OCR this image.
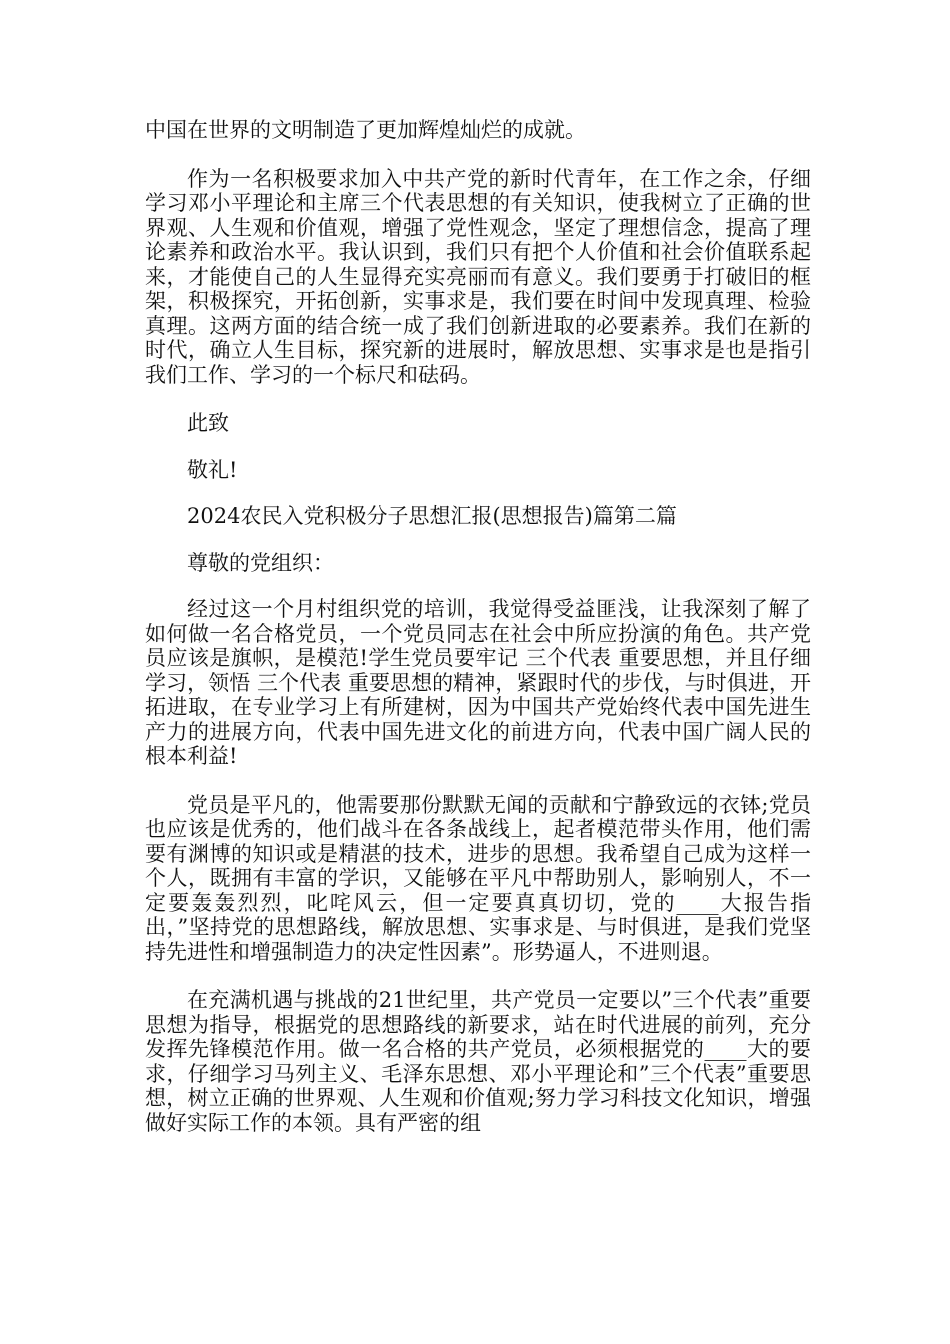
中国在世界的文明制造了更加辉煌灿烂的成就。

作为一名积极要求加入中共产党的新时代青年，在工作之余，仔细学习邓小平理论和主席三个代表思想的有关知识，使我树立了正确的世界观、人生观和价值观，增强了党性观念，坚定了理想信念，提高了理论素养和政治水平。我认识到，我们只有把个人价值和社会价值联系起来，才能使自己的人生显得充实亮丽而有意义。我们要勇于打破旧的框架，积极探究，开拓创新，实事求是，我们要在时间中发现真理、检验真理。这两方面的结合统一成了我们创新进取的必要素养。我们在新的时代，确立人生目标，探究新的进展时，解放思想、实事求是也是指引我们工作、学习的一个标尺和砝码。

此致

敬礼!

2024农民入党积极分子思想汇报(思想报告)篇第二篇

尊敬的党组织：

经过这一个月村组织党的培训，我觉得受益匪浅，让我深刻了解了如何做一名合格党员，一个党员同志在社会中所应扮演的角色。共产党员应该是旗帜，是模范!学生党员要牢记 三个代表 重要思想，并且仔细学习，领悟 三个代表 重要思想的精神，紧跟时代的步伐，与时俱进，开拓进取，在专业学习上有所建树，因为中国共产党始终代表中国先进生产力的进展方向，代表中国先进文化的前进方向，代表中国广阔人民的根本利益!

党员是平凡的，他需要那份默默无闻的贡献和宁静致远的衣钵;党员也应该是优秀的，他们战斗在各条战线上，起者模范带头作用，他们需要有渊博的知识或是精湛的技术，进步的思想。我希望自己成为这样一个人，既拥有丰富的学识，又能够在平凡中帮助别人，影响别人，不一定要轰轰烈烈，叱咤风云，但一定要真真切切，党的____大报告指出，”坚持党的思想路线，解放思想、实事求是、与时俱进，是我们党坚持先进性和增强制造力的决定性因素”。形势逼人，不进则退。

在充满机遇与挑战的21世纪里，共产党员一定要以”三个代表”重要思想为指导，根据党的思想路线的新要求，站在时代进展的前列，充分发挥先锋模范作用。做一名合格的共产党员，必须根据党的____大的要求，仔细学习马列主义、毛泽东思想、邓小平理论和”三个代表”重要思想，树立正确的世界观、人生观和价值观;努力学习科技文化知识，增强做好实际工作的本领。具有严密的组
